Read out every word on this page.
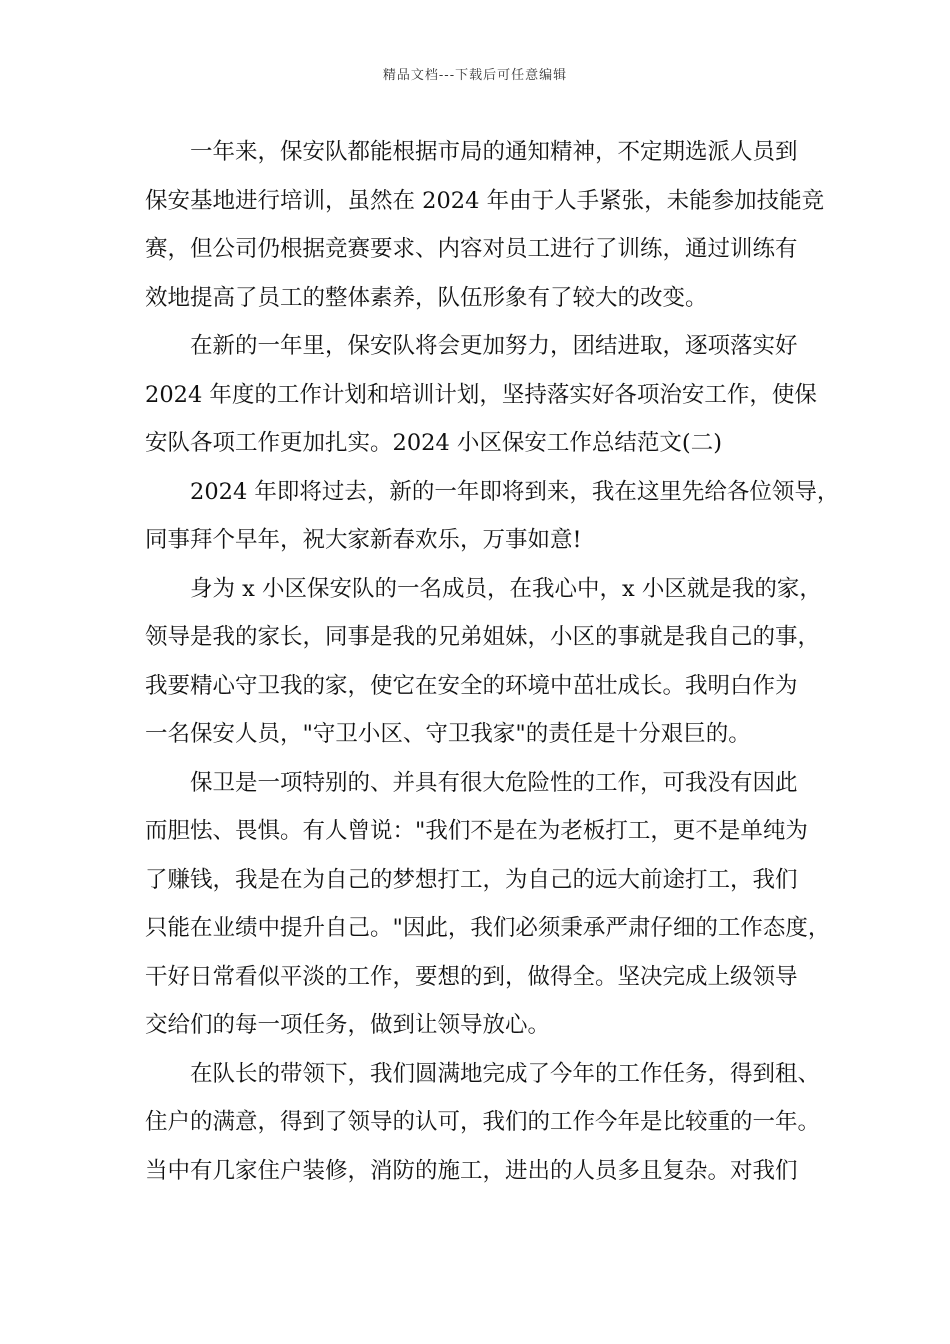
精品文档---下载后可任意编辑

一年来，保安队都能根据市局的通知精神，不定期选派人员到
保安基地进行培训，虽然在 2024 年由于人手紧张，未能参加技能竞
赛，但公司仍根据竞赛要求、内容对员工进行了训练，通过训练有
效地提高了员工的整体素养，队伍形象有了较大的改变。

在新的一年里，保安队将会更加努力，团结进取，逐项落实好
2024 年度的工作计划和培训计划，坚持落实好各项治安工作，使保
安队各项工作更加扎实。2024 小区保安工作总结范文(二)

2024 年即将过去，新的一年即将到来，我在这里先给各位领导，
同事拜个早年，祝大家新春欢乐，万事如意!

身为 x 小区保安队的一名成员，在我心中，x 小区就是我的家，
领导是我的家长，同事是我的兄弟姐妹，小区的事就是我自己的事，
我要精心守卫我的家，使它在安全的环境中茁壮成长。我明白作为
一名保安人员，"守卫小区、守卫我家"的责任是十分艰巨的。

保卫是一项特别的、并具有很大危险性的工作，可我没有因此
而胆怯、畏惧。有人曾说："我们不是在为老板打工，更不是单纯为
了赚钱，我是在为自己的梦想打工，为自己的远大前途打工，我们
只能在业绩中提升自己。"因此，我们必须秉承严肃仔细的工作态度，
干好日常看似平淡的工作，要想的到，做得全。坚决完成上级领导
交给们的每一项任务，做到让领导放心。

在队长的带领下，我们圆满地完成了今年的工作任务，得到租、
住户的满意，得到了领导的认可，我们的工作今年是比较重的一年。
当中有几家住户装修，消防的施工，进出的人员多且复杂。对我们
